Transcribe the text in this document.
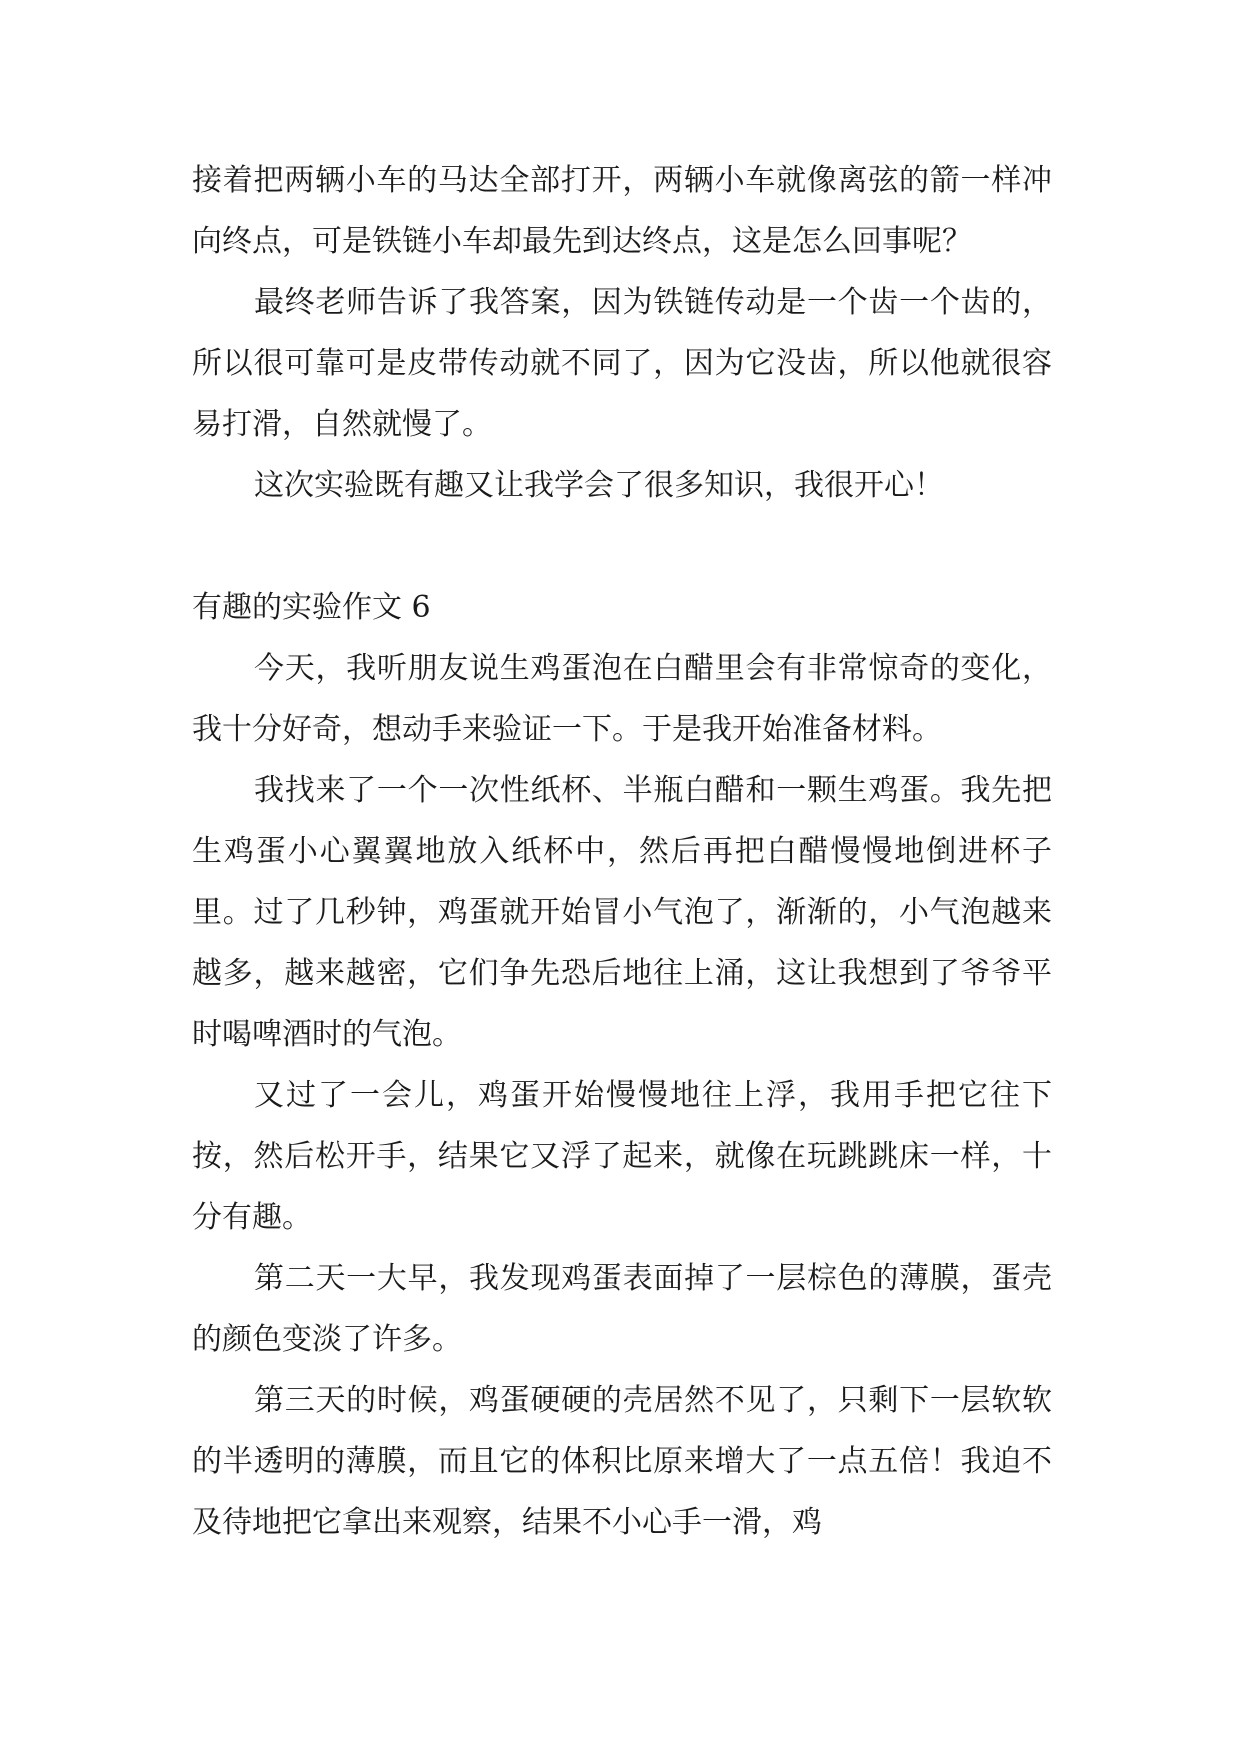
接着把两辆小车的马达全部打开，两辆小车就像离弦的箭一样冲向终点，可是铁链小车却最先到达终点，这是怎么回事呢？

最终老师告诉了我答案，因为铁链传动是一个齿一个齿的，所以很可靠可是皮带传动就不同了，因为它没齿，所以他就很容易打滑，自然就慢了。

这次实验既有趣又让我学会了很多知识，我很开心！

有趣的实验作文 6

今天，我听朋友说生鸡蛋泡在白醋里会有非常惊奇的变化，我十分好奇，想动手来验证一下。于是我开始准备材料。

我找来了一个一次性纸杯、半瓶白醋和一颗生鸡蛋。我先把生鸡蛋小心翼翼地放入纸杯中，然后再把白醋慢慢地倒进杯子里。过了几秒钟，鸡蛋就开始冒小气泡了，渐渐的，小气泡越来越多，越来越密，它们争先恐后地往上涌，这让我想到了爷爷平时喝啤酒时的气泡。

又过了一会儿，鸡蛋开始慢慢地往上浮，我用手把它往下按，然后松开手，结果它又浮了起来，就像在玩跳跳床一样，十分有趣。

第二天一大早，我发现鸡蛋表面掉了一层棕色的薄膜，蛋壳的颜色变淡了许多。

第三天的时候，鸡蛋硬硬的壳居然不见了，只剩下一层软软的半透明的薄膜，而且它的体积比原来增大了一点五倍！我迫不及待地把它拿出来观察，结果不小心手一滑，鸡
